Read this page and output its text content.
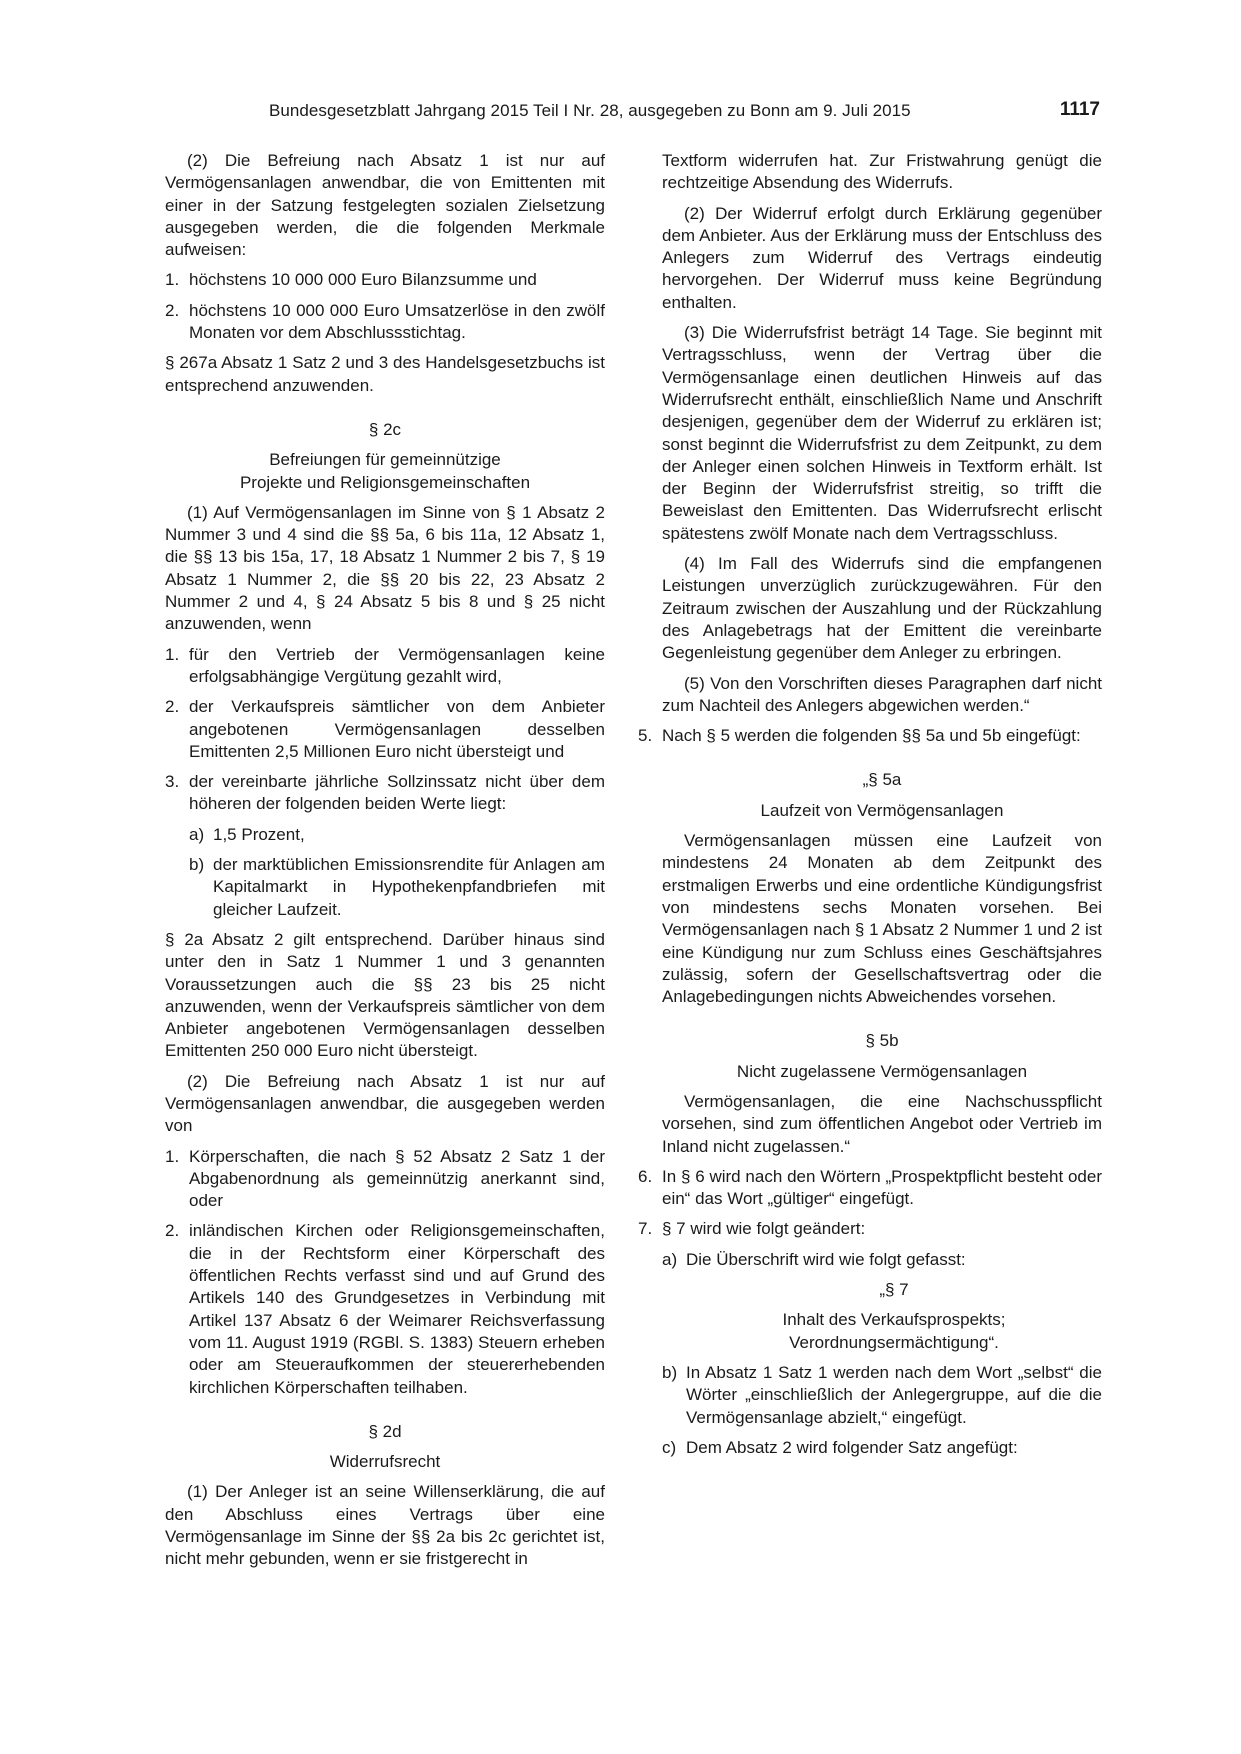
Bundesgesetzblatt Jahrgang 2015 Teil I Nr. 28, ausgegeben zu Bonn am 9. Juli 2015	1117

(2) Die Befreiung nach Absatz 1 ist nur auf Vermögensanlagen anwendbar, die von Emittenten mit einer in der Satzung festgelegten sozialen Zielsetzung ausgegeben werden, die die folgenden Merkmale aufweisen:

1. höchstens 10 000 000 Euro Bilanzsumme und
2. höchstens 10 000 000 Euro Umsatzerlöse in den zwölf Monaten vor dem Abschlussstichtag.

§ 267a Absatz 1 Satz 2 und 3 des Handelsgesetzbuchs ist entsprechend anzuwenden.

§ 2c
Befreiungen für gemeinnützige
Projekte und Religionsgemeinschaften

(1) Auf Vermögensanlagen im Sinne von § 1 Absatz 2 Nummer 3 und 4 sind die §§ 5a, 6 bis 11a, 12 Absatz 1, die §§ 13 bis 15a, 17, 18 Absatz 1 Nummer 2 bis 7, § 19 Absatz 1 Nummer 2, die §§ 20 bis 22, 23 Absatz 2 Nummer 2 und 4, § 24 Absatz 5 bis 8 und § 25 nicht anzuwenden, wenn

1. für den Vertrieb der Vermögensanlagen keine erfolgsabhängige Vergütung gezahlt wird,
2. der Verkaufspreis sämtlicher von dem Anbieter angebotenen Vermögensanlagen desselben Emittenten 2,5 Millionen Euro nicht übersteigt und
3. der vereinbarte jährliche Sollzinssatz nicht über dem höheren der folgenden beiden Werte liegt:
a) 1,5 Prozent,
b) der marktüblichen Emissionsrendite für Anlagen am Kapitalmarkt in Hypothekenpfandbriefen mit gleicher Laufzeit.

§ 2a Absatz 2 gilt entsprechend. Darüber hinaus sind unter den in Satz 1 Nummer 1 und 3 genannten Voraussetzungen auch die §§ 23 bis 25 nicht anzuwenden, wenn der Verkaufspreis sämtlicher von dem Anbieter angebotenen Vermögensanlagen desselben Emittenten 250 000 Euro nicht übersteigt.

(2) Die Befreiung nach Absatz 1 ist nur auf Vermögensanlagen anwendbar, die ausgegeben werden von

1. Körperschaften, die nach § 52 Absatz 2 Satz 1 der Abgabenordnung als gemeinnützig anerkannt sind, oder
2. inländischen Kirchen oder Religionsgemeinschaften, die in der Rechtsform einer Körperschaft des öffentlichen Rechts verfasst sind und auf Grund des Artikels 140 des Grundgesetzes in Verbindung mit Artikel 137 Absatz 6 der Weimarer Reichsverfassung vom 11. August 1919 (RGBl. S. 1383) Steuern erheben oder am Steueraufkommen der steuererhebenden kirchlichen Körperschaften teilhaben.
§ 2d
Widerrufsrecht

(1) Der Anleger ist an seine Willenserklärung, die auf den Abschluss eines Vertrags über eine Vermögensanlage im Sinne der §§ 2a bis 2c gerichtet ist, nicht mehr gebunden, wenn er sie fristgerecht in

Textform widerrufen hat. Zur Fristwahrung genügt die rechtzeitige Absendung des Widerrufs.

(2) Der Widerruf erfolgt durch Erklärung gegenüber dem Anbieter. Aus der Erklärung muss der Entschluss des Anlegers zum Widerruf des Vertrags eindeutig hervorgehen. Der Widerruf muss keine Begründung enthalten.

(3) Die Widerrufsfrist beträgt 14 Tage. Sie beginnt mit Vertragsschluss, wenn der Vertrag über die Vermögensanlage einen deutlichen Hinweis auf das Widerrufsrecht enthält, einschließlich Name und Anschrift desjenigen, gegenüber dem der Widerruf zu erklären ist; sonst beginnt die Widerrufsfrist zu dem Zeitpunkt, zu dem der Anleger einen solchen Hinweis in Textform erhält. Ist der Beginn der Widerrufsfrist streitig, so trifft die Beweislast den Emittenten. Das Widerrufsrecht erlischt spätestens zwölf Monate nach dem Vertragsschluss.

(4) Im Fall des Widerrufs sind die empfangenen Leistungen unverzüglich zurückzugewähren. Für den Zeitraum zwischen der Auszahlung und der Rückzahlung des Anlagebetrags hat der Emittent die vereinbarte Gegenleistung gegenüber dem Anleger zu erbringen.

(5) Von den Vorschriften dieses Paragraphen darf nicht zum Nachteil des Anlegers abgewichen werden.“

5. Nach § 5 werden die folgenden §§ 5a und 5b eingefügt:
„§ 5a
Laufzeit von Vermögensanlagen

Vermögensanlagen müssen eine Laufzeit von mindestens 24 Monaten ab dem Zeitpunkt des erstmaligen Erwerbs und eine ordentliche Kündigungsfrist von mindestens sechs Monaten vorsehen. Bei Vermögensanlagen nach § 1 Absatz 2 Nummer 1 und 2 ist eine Kündigung nur zum Schluss eines Geschäftsjahres zulässig, sofern der Gesellschaftsvertrag oder die Anlagebedingungen nichts Abweichendes vorsehen.

§ 5b
Nicht zugelassene Vermögensanlagen

Vermögensanlagen, die eine Nachschusspflicht vorsehen, sind zum öffentlichen Angebot oder Vertrieb im Inland nicht zugelassen.“

6. In § 6 wird nach den Wörtern „Prospektpflicht besteht oder ein“ das Wort „gültiger“ eingefügt.
7. § 7 wird wie folgt geändert:
a) Die Überschrift wird wie folgt gefasst:
„§ 7
Inhalt des Verkaufsprospekts;
Verordnungsermächtigung“.
b) In Absatz 1 Satz 1 werden nach dem Wort „selbst“ die Wörter „einschließlich der Anlegergruppe, auf die die Vermögensanlage abzielt,“ eingefügt.
c) Dem Absatz 2 wird folgender Satz angefügt:
